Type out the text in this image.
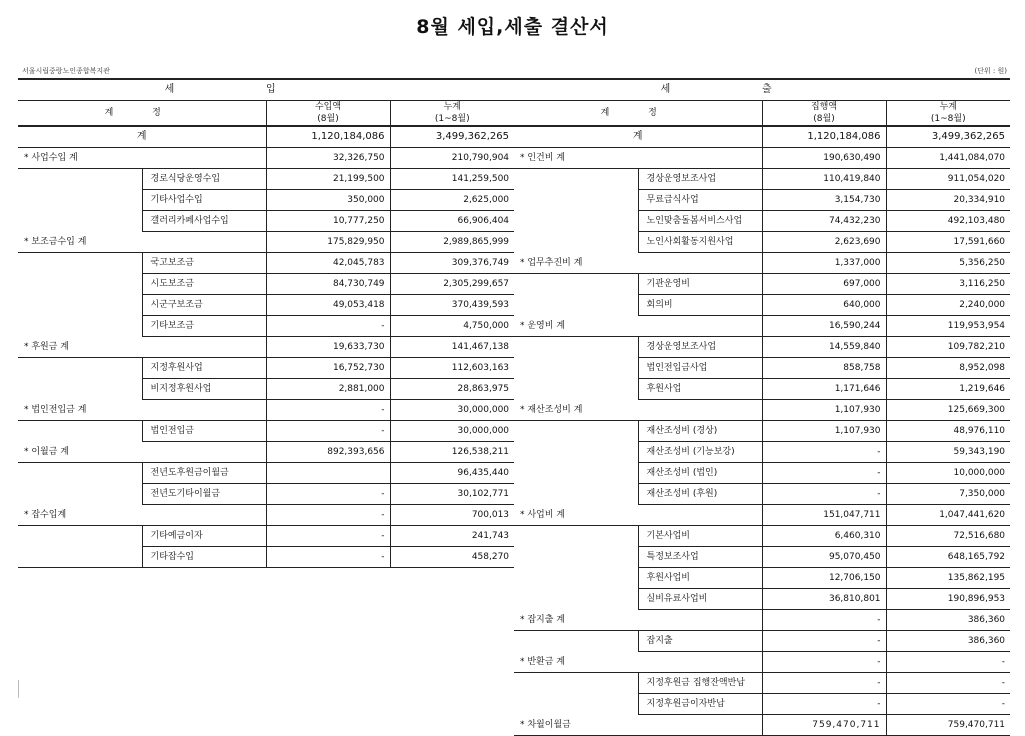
8월 세입,세출 결산서
서울시립중랑노인종합복지관	(단위 : 원)
세		입	
계 정		수입액
(8월)	누계
(1~8월)
계		1,120,184,086	3,499,362,265
* 사업수입 계		32,326,750	210,790,904
	경로식당운영수입	21,199,500	141,259,500
	기타사업수입	350,000	2,625,000
	갤러리카페사업수입	10,777,250	66,906,404
* 보조금수입 계		175,829,950	2,989,865,999
	국고보조금	42,045,783	309,376,749
	시도보조금	84,730,749	2,305,299,657
	시군구보조금	49,053,418	370,439,593
	기타보조금	-	4,750,000
* 후원금 계		19,633,730	141,467,138
	지정후원사업	16,752,730	112,603,163
	비지정후원사업	2,881,000	28,863,975
* 법인전입금 계		-	30,000,000
	법인전입금	-	30,000,000
* 이월금 계		892,393,656	126,538,211
	전년도후원금이월금		96,435,440
	전년도기타이월금	-	30,102,771
* 잡수입계		-	700,013
	기타예금이자	-	241,743
	기타잡수입	-	458,270
세		출	
계 정		집행액
(8월)	누계
(1~8월)
계		1,120,184,086	3,499,362,265
* 인건비 계		190,630,490	1,441,084,070
	경상운영보조사업	110,419,840	911,054,020
	무료급식사업	3,154,730	20,334,910
	노인맞춤돌봄서비스사업	74,432,230	492,103,480
	노인사회활동지원사업	2,623,690	17,591,660
* 업무추진비 계		1,337,000	5,356,250
	기관운영비	697,000	3,116,250
	회의비	640,000	2,240,000
* 운영비 계		16,590,244	119,953,954
	경상운영보조사업	14,559,840	109,782,210
	법인전입금사업	858,758	8,952,098
	후원사업	1,171,646	1,219,646
* 재산조성비 계		1,107,930	125,669,300
	재산조성비 (경상)	1,107,930	48,976,110
	재산조성비 (기능보강)	-	59,343,190
	재산조성비 (법인)	-	10,000,000
	재산조성비 (후원)	-	7,350,000
* 사업비 계		151,047,711	1,047,441,620
	기본사업비	6,460,310	72,516,680
	특정보조사업	95,070,450	648,165,792
	후원사업비	12,706,150	135,862,195
	실비유료사업비	36,810,801	190,896,953
* 잡지출 계		-	386,360
	잡지출	-	386,360
* 반환금 계		-	-
	지정후원금 집행잔액반납	-	-
	지정후원금이자반납	-	-
* 차월이월금		759,470,711	759,470,711
